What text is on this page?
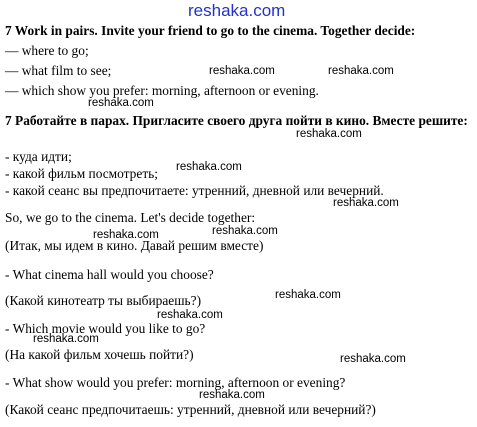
reshaka.com
7 Work in pairs. Invite your friend to go to the cinema. Together decide:
— where to go;
— what film to see;
— which show you prefer: morning, afternoon or evening.
7 Работайте в парах. Пригласите своего друга пойти в кино. Вместе решите:
- куда идти;
- какой фильм посмотреть;
- какой сеанс вы предпочитаете: утренний, дневной или вечерний.
So, we go to the cinema. Let's decide together:
(Итак, мы идем в кино. Давай решим вместе)
- What cinema hall would you choose?
(Какой кинотеатр ты выбираешь?)
- Which movie would you like to go?
(На какой фильм хочешь пойти?)
- What show would you prefer: morning, afternoon or evening?
(Какой сеанс предпочитаешь: утренний, дневной или вечерний?)
reshaka.com	reshaka.com
reshaka.com
reshaka.com
reshaka.com
reshaka.com
reshaka.com	reshaka.com
reshaka.com
reshaka.com
reshaka.com
reshaka.com
reshaka.com
